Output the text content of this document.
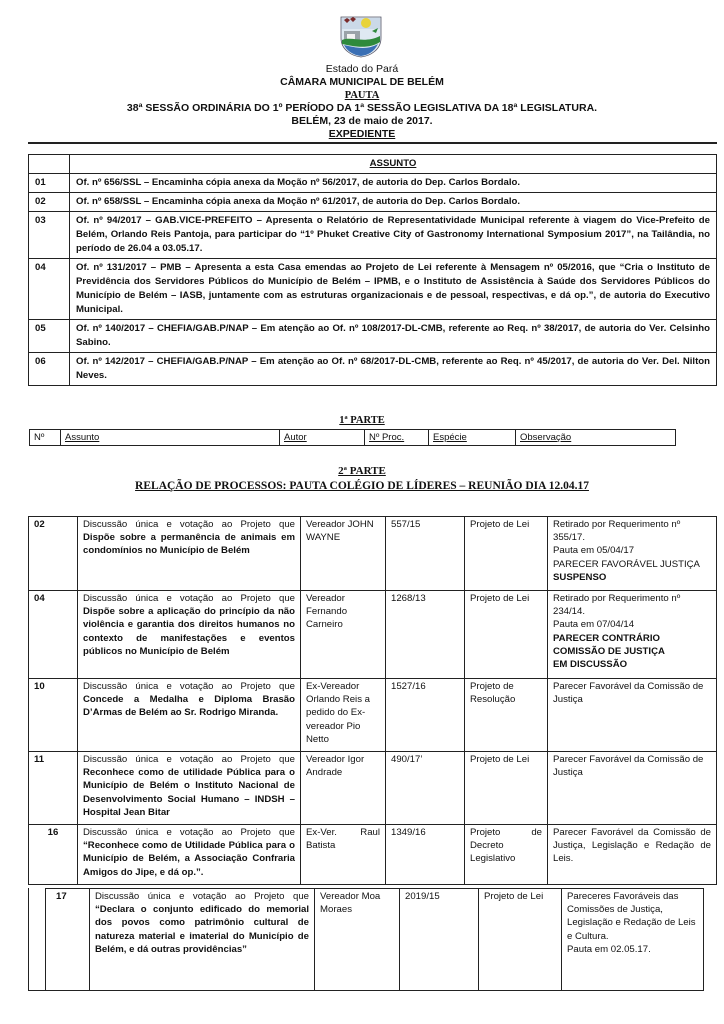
Estado do Pará
CÂMARA MUNICIPAL DE BELÉM
PAUTA
38ª SESSÃO ORDINÁRIA DO 1º PERÍODO DA 1ª SESSÃO LEGISLATIVA DA 18ª LEGISLATURA.
BELÉM, 23 de maio de 2017.
EXPEDIENTE
	ASSUNTO
01	Of. nº 656/SSL – Encaminha cópia anexa da Moção nº 56/2017, de autoria do Dep. Carlos Bordalo.
02	Of. nº 658/SSL – Encaminha cópia anexa da Moção nº 61/2017, de autoria do Dep. Carlos Bordalo.
03	Of. nº 94/2017 – GAB.VICE-PREFEITO – Apresenta o Relatório de Representatividade Municipal referente à viagem do Vice-Prefeito de Belém, Orlando Reis Pantoja, para participar do “1º Phuket Creative City of Gastronomy International Symposium 2017”, na Tailândia, no período de 26.04 a 03.05.17.
04	Of. nº 131/2017 – PMB – Apresenta a esta Casa emendas ao Projeto de Lei referente à Mensagem nº 05/2016, que “Cria o Instituto de Previdência dos Servidores Públicos do Município de Belém – IPMB, e o Instituto de Assistência à Saúde dos Servidores Públicos do Município de Belém – IASB, juntamente com as estruturas organizacionais e de pessoal, respectivas, e dá op.”, de autoria do Executivo Municipal.
05	Of. nº 140/2017 – CHEFIA/GAB.P/NAP – Em atenção ao Of. nº 108/2017-DL-CMB, referente ao Req. nº 38/2017, de autoria do Ver. Celsinho Sabino.
06	Of. nº 142/2017 – CHEFIA/GAB.P/NAP – Em atenção ao Of. nº 68/2017-DL-CMB, referente ao Req. nº 45/2017, de autoria do Ver. Del. Nilton Neves.
1ª PARTE
Nº	Assunto	Autor	Nº Proc.	Espécie	Observação
2ª PARTE
RELAÇÃO DE PROCESSOS: PAUTA COLÉGIO DE LÍDERES – REUNIÃO DIA 12.04.17
02	Discussão única e votação ao Projeto que Dispõe sobre a permanência de animais em condomínios no Município de Belém	Vereador JOHN WAYNE	557/15	Projeto de Lei	Retirado por Requerimento nº 355/17.
Pauta em 05/04/17
PARECER FAVORÁVEL JUSTIÇA
SUSPENSO

04	Discussão única e votação ao Projeto que Dispõe sobre a aplicação do princípio da não violência e garantia dos direitos humanos no contexto de manifestações e eventos públicos no Município de Belém	Vereador Fernando Carneiro	1268/13	Projeto de Lei	Retirado por Requerimento nº 234/14.
Pauta em 07/04/14
PARECER CONTRÁRIO
COMISSÃO DE JUSTIÇA
EM DISCUSSÃO

10	Discussão única e votação ao Projeto que Concede a Medalha e Diploma Brasão D’Armas de Belém ao Sr. Rodrigo Miranda.	Ex-Vereador Orlando Reis a pedido do Ex-vereador Pio Netto	1527/16	Projeto de Resolução	Parecer Favorável da Comissão de Justiça

11	Discussão única e votação ao Projeto que Reconhece como de utilidade Pública para o Município de Belém o Instituto Nacional de Desenvolvimento Social Humano – INDSH – Hospital Jean Bitar	Vereador Igor Andrade	490/17’	Projeto de Lei	Parecer Favorável da Comissão de Justiça

16	Discussão única e votação ao Projeto que “Reconhece como de Utilidade Pública para o Município de Belém, a Associação Confraria Amigos do Jipe, e dá op.”.	Ex-Ver. Raul Batista	1349/16	Projeto de Decreto Legislativo	Parecer Favorável da Comissão de Justiça, Legislação e Redação de Leis.
17	Discussão única e votação ao Projeto que “Declara o conjunto edificado do memorial dos povos como patrimônio cultural de natureza material e imaterial do Município de Belém, e dá outras providências”	Vereador Moa Moraes	2019/15	Projeto de Lei	Pareceres Favoráveis das Comissões de Justiça, Legislação e Redação de Leis e Cultura.
Pauta em 02.05.17.
